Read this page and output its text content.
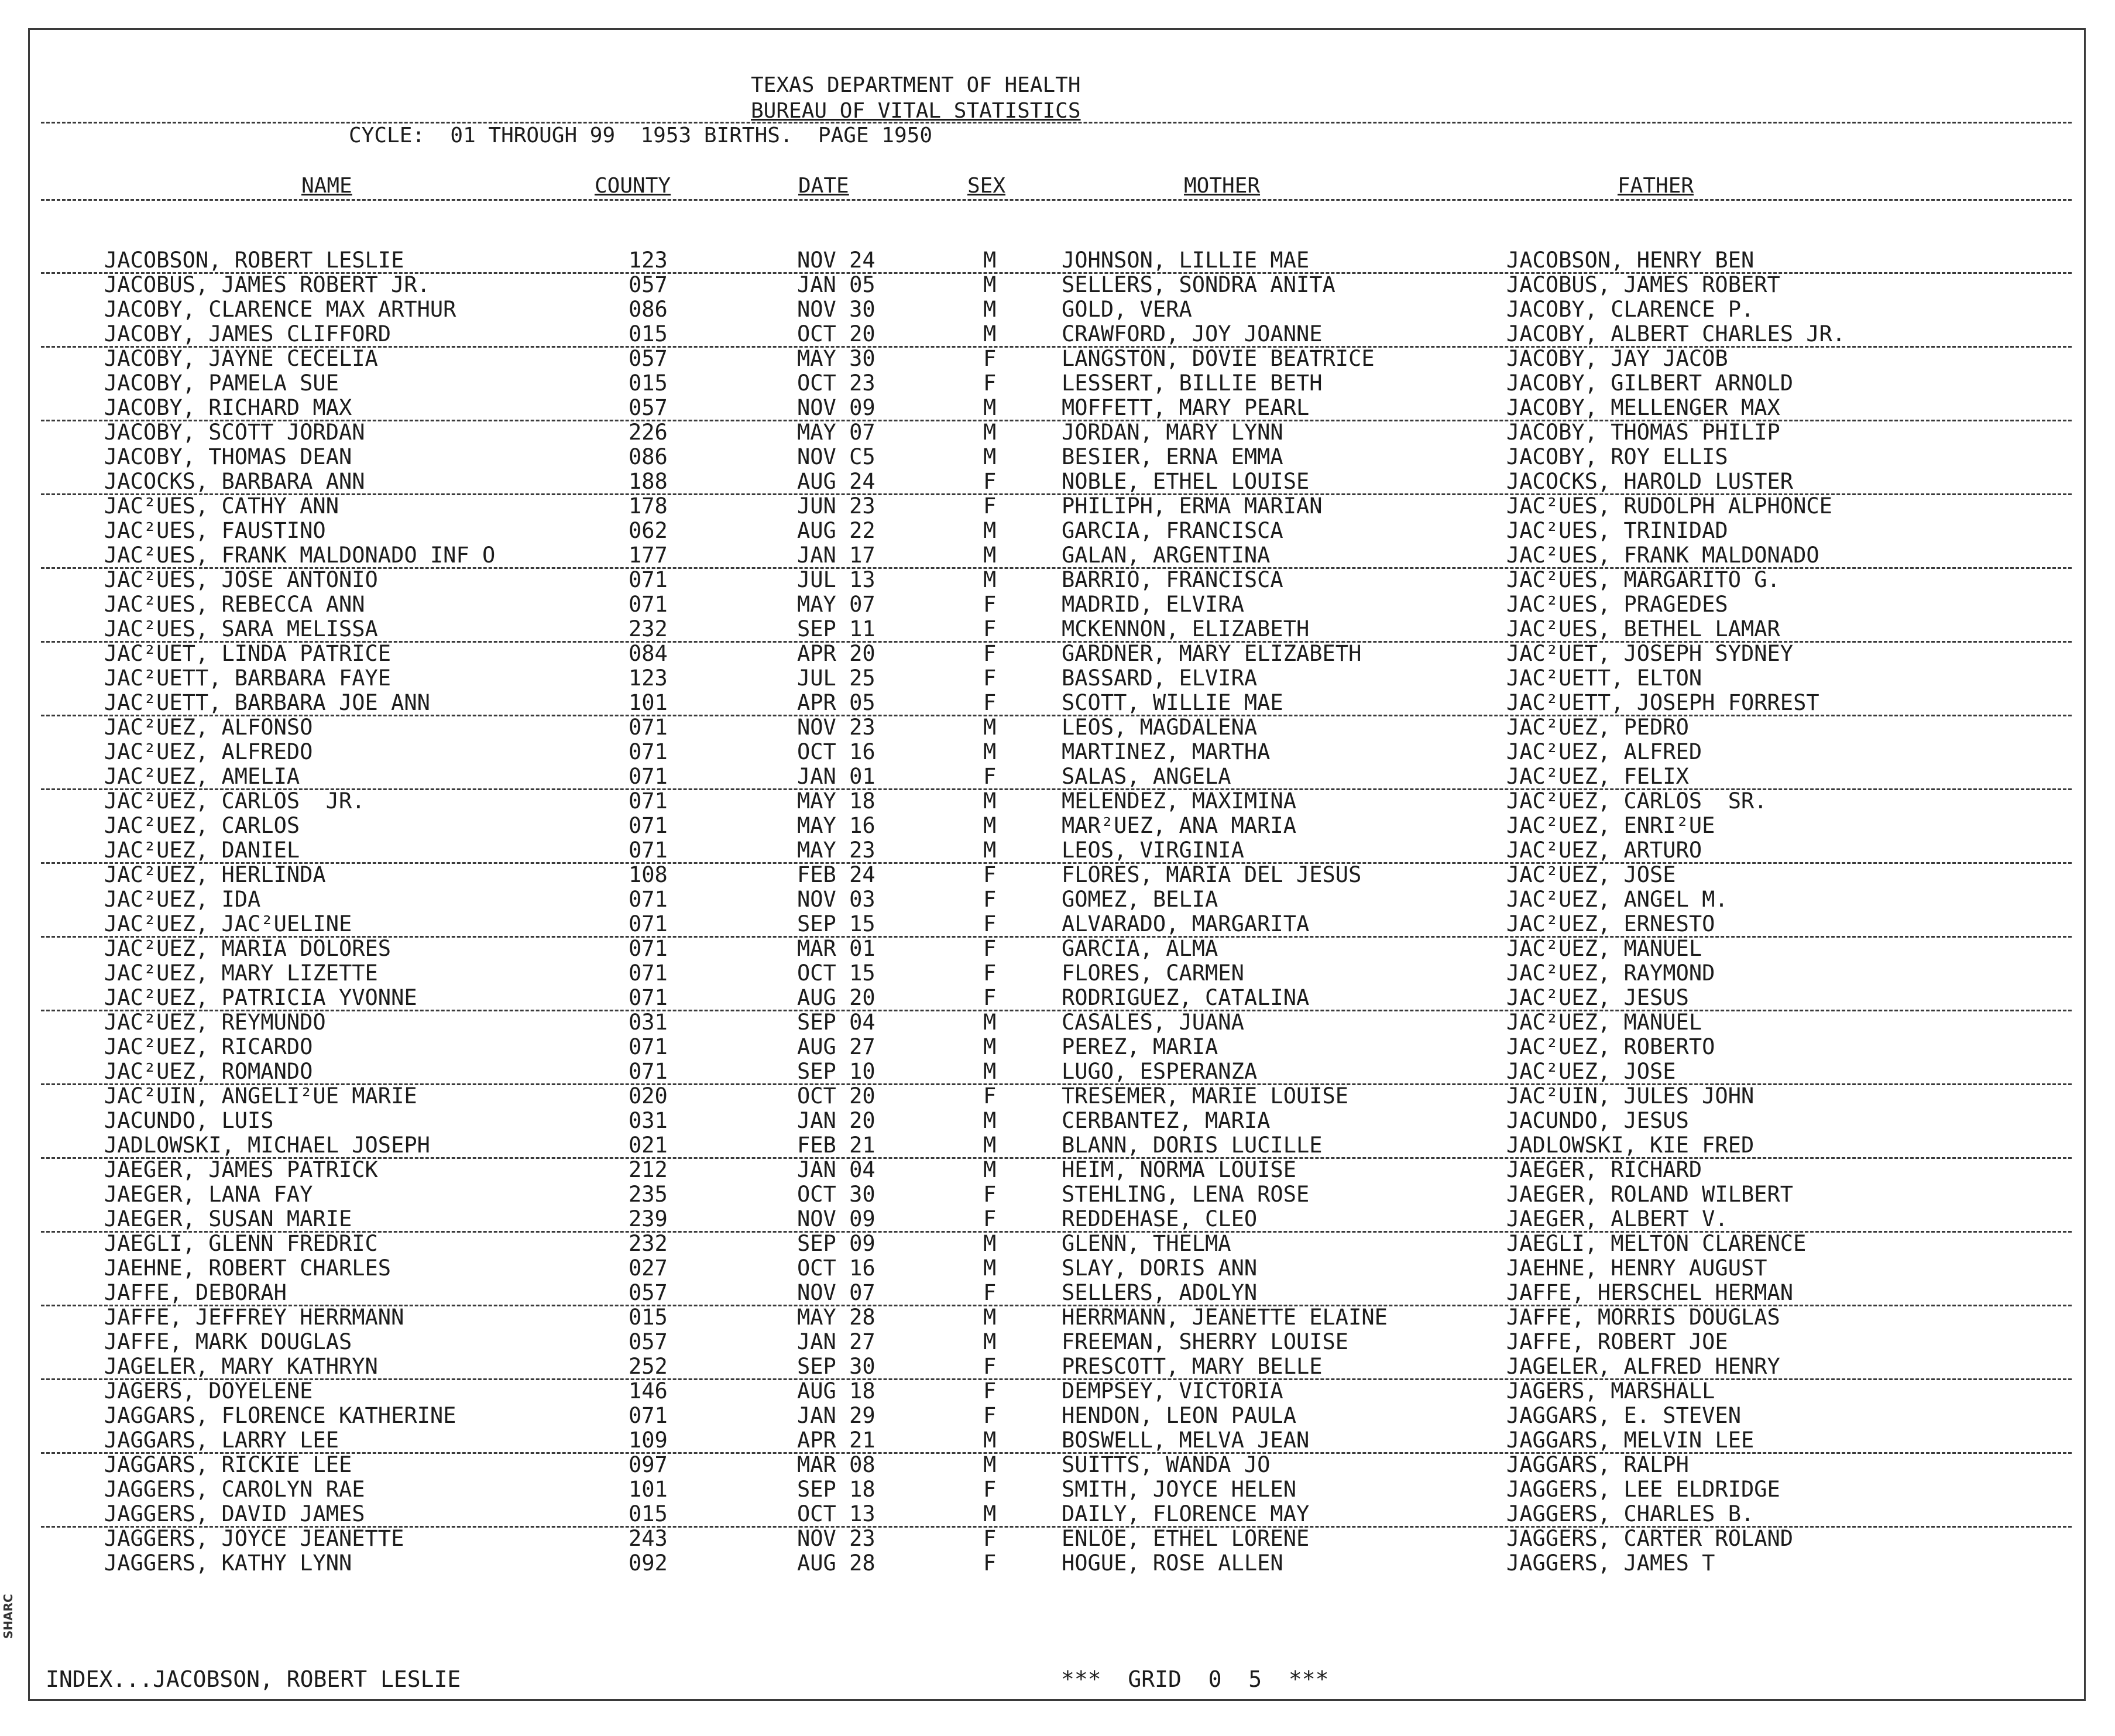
TEXAS DEPARTMENT OF HEALTH
BUREAU OF VITAL STATISTICS
CYCLE:  01 THROUGH 99  1953 BIRTHS.  PAGE 1950
NAME	COUNTY	DATE	SEX	MOTHER	FATHER
JACOBSON, ROBERT LESLIE	123	NOV 24	M	JOHNSON, LILLIE MAE	JACOBSON, HENRY BEN
JACOBUS, JAMES ROBERT JR.	057	JAN 05	M	SELLERS, SONDRA ANITA	JACOBUS, JAMES ROBERT
JACOBY, CLARENCE MAX ARTHUR	086	NOV 30	M	GOLD, VERA	JACOBY, CLARENCE P.
JACOBY, JAMES CLIFFORD	015	OCT 20	M	CRAWFORD, JOY JOANNE	JACOBY, ALBERT CHARLES JR.
JACOBY, JAYNE CECELIA	057	MAY 30	F	LANGSTON, DOVIE BEATRICE	JACOBY, JAY JACOB
JACOBY, PAMELA SUE	015	OCT 23	F	LESSERT, BILLIE BETH	JACOBY, GILBERT ARNOLD
JACOBY, RICHARD MAX	057	NOV 09	M	MOFFETT, MARY PEARL	JACOBY, MELLENGER MAX
JACOBY, SCOTT JORDAN	226	MAY 07	M	JORDAN, MARY LYNN	JACOBY, THOMAS PHILIP
JACOBY, THOMAS DEAN	086	NOV C5	M	BESIER, ERNA EMMA	JACOBY, ROY ELLIS
JACOCKS, BARBARA ANN	188	AUG 24	F	NOBLE, ETHEL LOUISE	JACOCKS, HAROLD LUSTER
JAC²UES, CATHY ANN	178	JUN 23	F	PHILIPH, ERMA MARIAN	JAC²UES, RUDOLPH ALPHONCE
JAC²UES, FAUSTINO	062	AUG 22	M	GARCIA, FRANCISCA	JAC²UES, TRINIDAD
JAC²UES, FRANK MALDONADO INF O	177	JAN 17	M	GALAN, ARGENTINA	JAC²UES, FRANK MALDONADO
JAC²UES, JOSE ANTONIO	071	JUL 13	M	BARRIO, FRANCISCA	JAC²UES, MARGARITO G.
JAC²UES, REBECCA ANN	071	MAY 07	F	MADRID, ELVIRA	JAC²UES, PRAGEDES
JAC²UES, SARA MELISSA	232	SEP 11	F	MCKENNON, ELIZABETH	JAC²UES, BETHEL LAMAR
JAC²UET, LINDA PATRICE	084	APR 20	F	GARDNER, MARY ELIZABETH	JAC²UET, JOSEPH SYDNEY
JAC²UETT, BARBARA FAYE	123	JUL 25	F	BASSARD, ELVIRA	JAC²UETT, ELTON
JAC²UETT, BARBARA JOE ANN	101	APR 05	F	SCOTT, WILLIE MAE	JAC²UETT, JOSEPH FORREST
JAC²UEZ, ALFONSO	071	NOV 23	M	LEOS, MAGDALENA	JAC²UEZ, PEDRO
JAC²UEZ, ALFREDO	071	OCT 16	M	MARTINEZ, MARTHA	JAC²UEZ, ALFRED
JAC²UEZ, AMELIA	071	JAN 01	F	SALAS, ANGELA	JAC²UEZ, FELIX
JAC²UEZ, CARLOS  JR.	071	MAY 18	M	MELENDEZ, MAXIMINA	JAC²UEZ, CARLOS  SR.
JAC²UEZ, CARLOS	071	MAY 16	M	MAR²UEZ, ANA MARIA	JAC²UEZ, ENRI²UE
JAC²UEZ, DANIEL	071	MAY 23	M	LEOS, VIRGINIA	JAC²UEZ, ARTURO
JAC²UEZ, HERLINDA	108	FEB 24	F	FLORES, MARIA DEL JESUS	JAC²UEZ, JOSE
JAC²UEZ, IDA	071	NOV 03	F	GOMEZ, BELIA	JAC²UEZ, ANGEL M.
JAC²UEZ, JAC²UELINE	071	SEP 15	F	ALVARADO, MARGARITA	JAC²UEZ, ERNESTO
JAC²UEZ, MARIA DOLORES	071	MAR 01	F	GARCIA, ALMA	JAC²UEZ, MANUEL
JAC²UEZ, MARY LIZETTE	071	OCT 15	F	FLORES, CARMEN	JAC²UEZ, RAYMOND
JAC²UEZ, PATRICIA YVONNE	071	AUG 20	F	RODRIGUEZ, CATALINA	JAC²UEZ, JESUS
JAC²UEZ, REYMUNDO	031	SEP 04	M	CASALES, JUANA	JAC²UEZ, MANUEL
JAC²UEZ, RICARDO	071	AUG 27	M	PEREZ, MARIA	JAC²UEZ, ROBERTO
JAC²UEZ, ROMANDO	071	SEP 10	M	LUGO, ESPERANZA	JAC²UEZ, JOSE
JAC²UIN, ANGELI²UE MARIE	020	OCT 20	F	TRESEMER, MARIE LOUISE	JAC²UIN, JULES JOHN
JACUNDO, LUIS	031	JAN 20	M	CERBANTEZ, MARIA	JACUNDO, JESUS
JADLOWSKI, MICHAEL JOSEPH	021	FEB 21	M	BLANN, DORIS LUCILLE	JADLOWSKI, KIE FRED
JAEGER, JAMES PATRICK	212	JAN 04	M	HEIM, NORMA LOUISE	JAEGER, RICHARD
JAEGER, LANA FAY	235	OCT 30	F	STEHLING, LENA ROSE	JAEGER, ROLAND WILBERT
JAEGER, SUSAN MARIE	239	NOV 09	F	REDDEHASE, CLEO	JAEGER, ALBERT V.
JAEGLI, GLENN FREDRIC	232	SEP 09	M	GLENN, THELMA	JAEGLI, MELTON CLARENCE
JAEHNE, ROBERT CHARLES	027	OCT 16	M	SLAY, DORIS ANN	JAEHNE, HENRY AUGUST
JAFFE, DEBORAH	057	NOV 07	F	SELLERS, ADOLYN	JAFFE, HERSCHEL HERMAN
JAFFE, JEFFREY HERRMANN	015	MAY 28	M	HERRMANN, JEANETTE ELAINE	JAFFE, MORRIS DOUGLAS
JAFFE, MARK DOUGLAS	057	JAN 27	M	FREEMAN, SHERRY LOUISE	JAFFE, ROBERT JOE
JAGELER, MARY KATHRYN	252	SEP 30	F	PRESCOTT, MARY BELLE	JAGELER, ALFRED HENRY
JAGERS, DOYELENE	146	AUG 18	F	DEMPSEY, VICTORIA	JAGERS, MARSHALL
JAGGARS, FLORENCE KATHERINE	071	JAN 29	F	HENDON, LEON PAULA	JAGGARS, E. STEVEN
JAGGARS, LARRY LEE	109	APR 21	M	BOSWELL, MELVA JEAN	JAGGARS, MELVIN LEE
JAGGARS, RICKIE LEE	097	MAR 08	M	SUITTS, WANDA JO	JAGGARS, RALPH
JAGGERS, CAROLYN RAE	101	SEP 18	F	SMITH, JOYCE HELEN	JAGGERS, LEE ELDRIDGE
JAGGERS, DAVID JAMES	015	OCT 13	M	DAILY, FLORENCE MAY	JAGGERS, CHARLES B.
JAGGERS, JOYCE JEANETTE	243	NOV 23	F	ENLOE, ETHEL LORENE	JAGGERS, CARTER ROLAND
JAGGERS, KATHY LYNN	092	AUG 28	F	HOGUE, ROSE ALLEN	JAGGERS, JAMES T
INDEX...JACOBSON, ROBERT LESLIE	***  GRID  0  5  ***
SHARC
